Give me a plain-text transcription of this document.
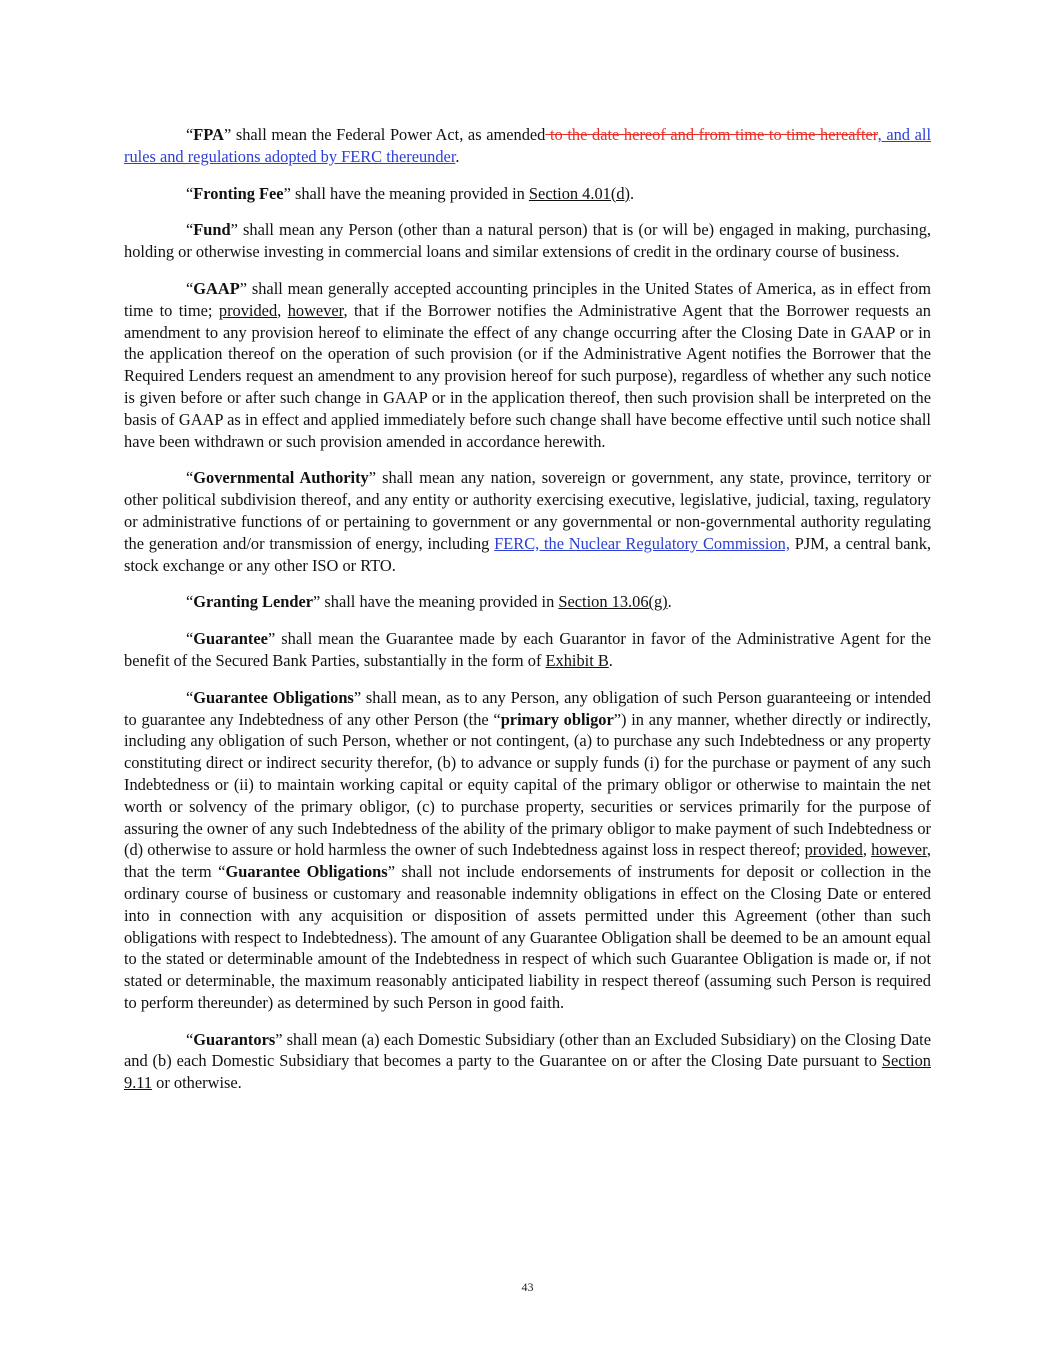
“FPA” shall mean the Federal Power Act, as amended to the date hereof and from time to time hereafter, and all rules and regulations adopted by FERC thereunder.

“Fronting Fee” shall have the meaning provided in Section 4.01(d).

“Fund” shall mean any Person (other than a natural person) that is (or will be) engaged in making, purchasing, holding or otherwise investing in commercial loans and similar extensions of credit in the ordinary course of business.

“GAAP” shall mean generally accepted accounting principles in the United States of America, as in effect from time to time; provided, however, that if the Borrower notifies the Administrative Agent that the Borrower requests an amendment to any provision hereof to eliminate the effect of any change occurring after the Closing Date in GAAP or in the application thereof on the operation of such provision (or if the Administrative Agent notifies the Borrower that the Required Lenders request an amendment to any provision hereof for such purpose), regardless of whether any such notice is given before or after such change in GAAP or in the application thereof, then such provision shall be interpreted on the basis of GAAP as in effect and applied immediately before such change shall have become effective until such notice shall have been withdrawn or such provision amended in accordance herewith.

“Governmental Authority” shall mean any nation, sovereign or government, any state, province, territory or other political subdivision thereof, and any entity or authority exercising executive, legislative, judicial, taxing, regulatory or administrative functions of or pertaining to government or any governmental or non-governmental authority regulating the generation and/or transmission of energy, including FERC, the Nuclear Regulatory Commission, PJM, a central bank, stock exchange or any other ISO or RTO.

“Granting Lender” shall have the meaning provided in Section 13.06(g).

“Guarantee” shall mean the Guarantee made by each Guarantor in favor of the Administrative Agent for the benefit of the Secured Bank Parties, substantially in the form of Exhibit B.

“Guarantee Obligations” shall mean, as to any Person, any obligation of such Person guaranteeing or intended to guarantee any Indebtedness of any other Person (the “primary obligor”) in any manner, whether directly or indirectly, including any obligation of such Person, whether or not contingent, (a) to purchase any such Indebtedness or any property constituting direct or indirect security therefor, (b) to advance or supply funds (i) for the purchase or payment of any such Indebtedness or (ii) to maintain working capital or equity capital of the primary obligor or otherwise to maintain the net worth or solvency of the primary obligor, (c) to purchase property, securities or services primarily for the purpose of assuring the owner of any such Indebtedness of the ability of the primary obligor to make payment of such Indebtedness or (d) otherwise to assure or hold harmless the owner of such Indebtedness against loss in respect thereof; provided, however, that the term “Guarantee Obligations” shall not include endorsements of instruments for deposit or collection in the ordinary course of business or customary and reasonable indemnity obligations in effect on the Closing Date or entered into in connection with any acquisition or disposition of assets permitted under this Agreement (other than such obligations with respect to Indebtedness). The amount of any Guarantee Obligation shall be deemed to be an amount equal to the stated or determinable amount of the Indebtedness in respect of which such Guarantee Obligation is made or, if not stated or determinable, the maximum reasonably anticipated liability in respect thereof (assuming such Person is required to perform thereunder) as determined by such Person in good faith.

“Guarantors” shall mean (a) each Domestic Subsidiary (other than an Excluded Subsidiary) on the Closing Date and (b) each Domestic Subsidiary that becomes a party to the Guarantee on or after the Closing Date pursuant to Section 9.11 or otherwise.

43
